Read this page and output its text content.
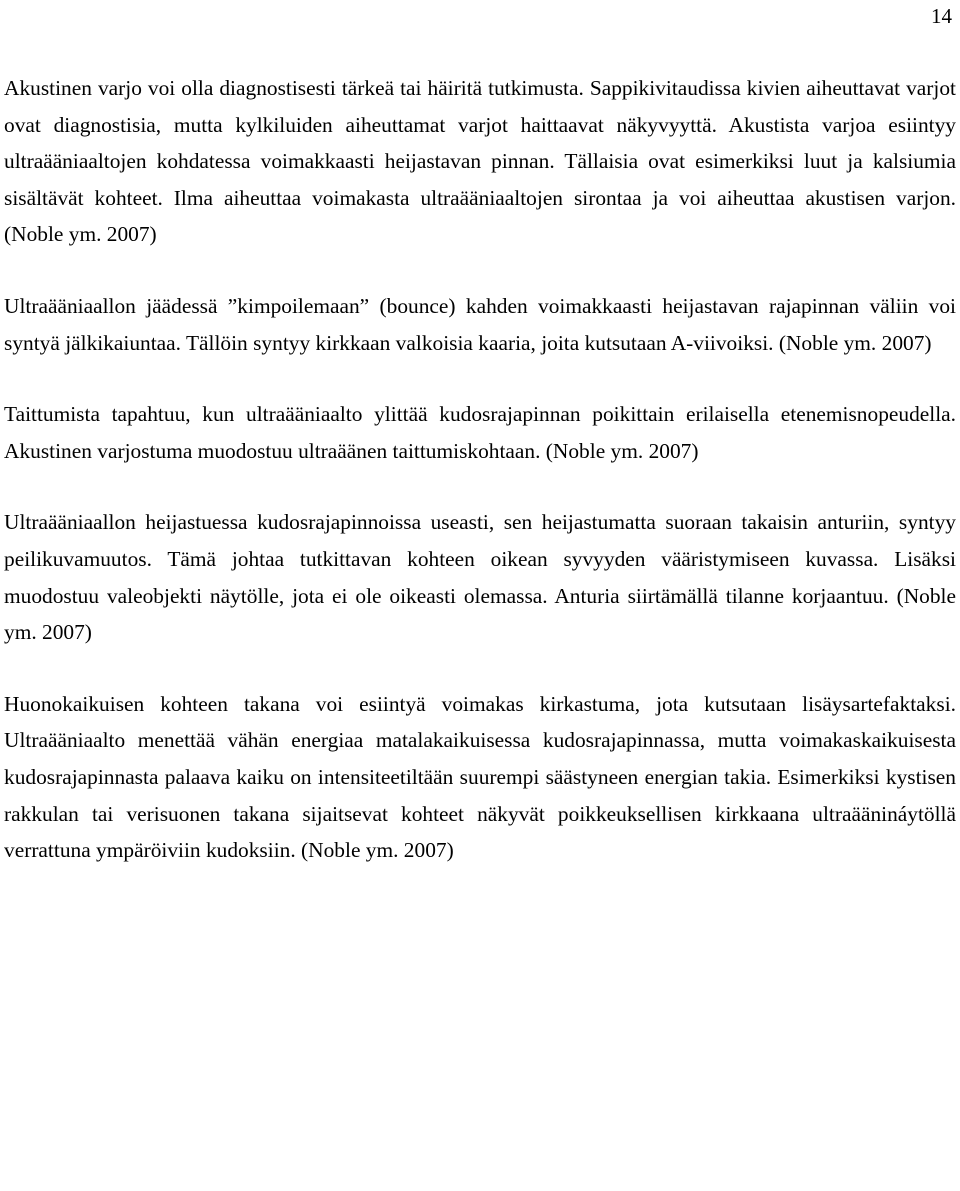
14

Akustinen varjo voi olla diagnostisesti tärkeä tai häiritä tutkimusta. Sappikivitaudissa kivien aiheuttavat varjot ovat diagnostisia, mutta kylkiluiden aiheuttamat varjot haittaavat näkyvyyttä. Akustista varjoa esiintyy ultraääniaaltojen kohdatessa voimakkaasti heijastavan pinnan. Tällaisia ovat esimerkiksi luut ja kalsiumia sisältävät kohteet. Ilma aiheuttaa voimakasta ultraääniaaltojen sirontaa ja voi aiheuttaa akustisen varjon. (Noble ym. 2007)

Ultraääniaallon jäädessä ”kimpoilemaan” (bounce) kahden voimakkaasti heijastavan rajapinnan väliin voi syntyä jälkikaiuntaa. Tällöin syntyy kirkkaan valkoisia kaaria, joita kutsutaan A-viivoiksi. (Noble ym. 2007)

Taittumista tapahtuu, kun ultraääniaalto ylittää kudosrajapinnan poikittain erilaisella etenemisnopeudella. Akustinen varjostuma muodostuu ultraäänen taittumiskohtaan. (Noble ym. 2007)

Ultraääniaallon heijastuessa kudosrajapinnoissa useasti, sen heijastumatta suoraan takaisin anturiin, syntyy peilikuvamuutos. Tämä johtaa tutkittavan kohteen oikean syvyyden vääristymiseen kuvassa. Lisäksi muodostuu valeobjekti näytölle, jota ei ole oikeasti olemassa. Anturia siirtämällä tilanne korjaantuu. (Noble ym. 2007)

Huonokaikuisen kohteen takana voi esiintyä voimakas kirkastuma, jota kutsutaan lisäysartefaktaksi. Ultraääniaalto menettää vähän energiaa matalakaikuisessa kudosrajapinnassa, mutta voimakaskaikuisesta kudosrajapinnasta palaava kaiku on intensiteetiltään suurempi säästyneen energian takia. Esimerkiksi kystisen rakkulan tai verisuonen takana sijaitsevat kohteet näkyvät poikkeuksellisen kirkkaana ultraäänináytöllä verrattuna ympäröiviin kudoksiin. (Noble ym. 2007)
